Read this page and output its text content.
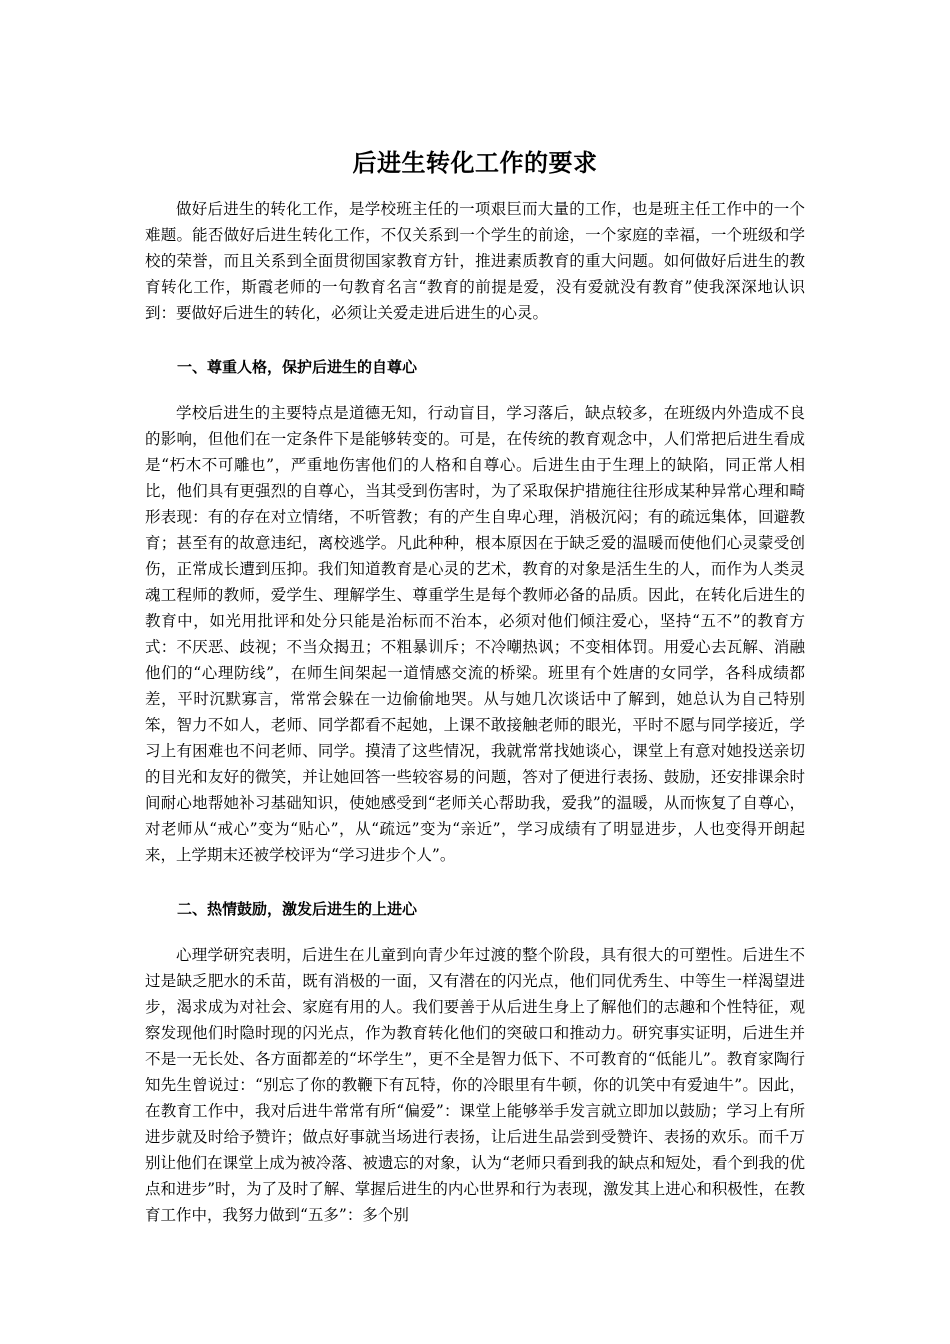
后进生转化工作的要求

做好后进生的转化工作，是学校班主任的一项艰巨而大量的工作，也是班主任工作中的一个难题。能否做好后进生转化工作，不仅关系到一个学生的前途，一个家庭的幸福，一个班级和学校的荣誉，而且关系到全面贯彻国家教育方针，推进素质教育的重大问题。如何做好后进生的教育转化工作，斯霞老师的一句教育名言“教育的前提是爱，没有爱就没有教育”使我深深地认识到：要做好后进生的转化，必须让关爱走进后进生的心灵。

一、尊重人格，保护后进生的自尊心

学校后进生的主要特点是道德无知，行动盲目，学习落后，缺点较多，在班级内外造成不良的影响，但他们在一定条件下是能够转变的。可是，在传统的教育观念中，人们常把后进生看成是“朽木不可雕也”，严重地伤害他们的人格和自尊心。后进生由于生理上的缺陷，同正常人相比，他们具有更强烈的自尊心，当其受到伤害时，为了采取保护措施往往形成某种异常心理和畸形表现：有的存在对立情绪，不听管教；有的产生自卑心理，消极沉闷；有的疏远集体，回避教育；甚至有的故意违纪，离校逃学。凡此种种，根本原因在于缺乏爱的温暖而使他们心灵蒙受创伤，正常成长遭到压抑。我们知道教育是心灵的艺术，教育的对象是活生生的人，而作为人类灵魂工程师的教师，爱学生、理解学生、尊重学生是每个教师必备的品质。因此，在转化后进生的教育中，如光用批评和处分只能是治标而不治本，必须对他们倾注爱心，坚持“五不”的教育方式：不厌恶、歧视；不当众揭丑；不粗暴训斥；不冷嘲热讽；不变相体罚。用爱心去瓦解、消融他们的“心理防线”，在师生间架起一道情感交流的桥梁。班里有个姓唐的女同学，各科成绩都差，平时沉默寡言，常常会躲在一边偷偷地哭。从与她几次谈话中了解到，她总认为自己特别笨，智力不如人，老师、同学都看不起她，上课不敢接触老师的眼光，平时不愿与同学接近，学习上有困难也不问老师、同学。摸清了这些情况，我就常常找她谈心，课堂上有意对她投送亲切的目光和友好的微笑，并让她回答一些较容易的问题，答对了便进行表扬、鼓励，还安排课余时间耐心地帮她补习基础知识，使她感受到“老师关心帮助我，爱我”的温暖，从而恢复了自尊心，对老师从“戒心”变为“贴心”，从“疏远”变为“亲近”，学习成绩有了明显进步，人也变得开朗起来，上学期末还被学校评为“学习进步个人”。

二、热情鼓励，激发后进生的上进心

心理学研究表明，后进生在儿童到向青少年过渡的整个阶段，具有很大的可塑性。后进生不过是缺乏肥水的禾苗，既有消极的一面，又有潜在的闪光点，他们同优秀生、中等生一样渴望进步，渴求成为对社会、家庭有用的人。我们要善于从后进生身上了解他们的志趣和个性特征，观察发现他们时隐时现的闪光点，作为教育转化他们的突破口和推动力。研究事实证明，后进生并不是一无长处、各方面都差的“坏学生”，更不全是智力低下、不可教育的“低能儿”。教育家陶行知先生曾说过：“别忘了你的教鞭下有瓦特，你的冷眼里有牛顿，你的讥笑中有爱迪牛”。因此，在教育工作中，我对后进牛常常有所“偏爱”：课堂上能够举手发言就立即加以鼓励；学习上有所进步就及时给予赞许；做点好事就当场进行表扬，让后进生品尝到受赞许、表扬的欢乐。而千万别让他们在课堂上成为被冷落、被遗忘的对象，认为“老师只看到我的缺点和短处，看个到我的优点和进步”时，为了及时了解、掌握后进生的内心世界和行为表现，激发其上进心和积极性，在教育工作中，我努力做到“五多”：多个别
